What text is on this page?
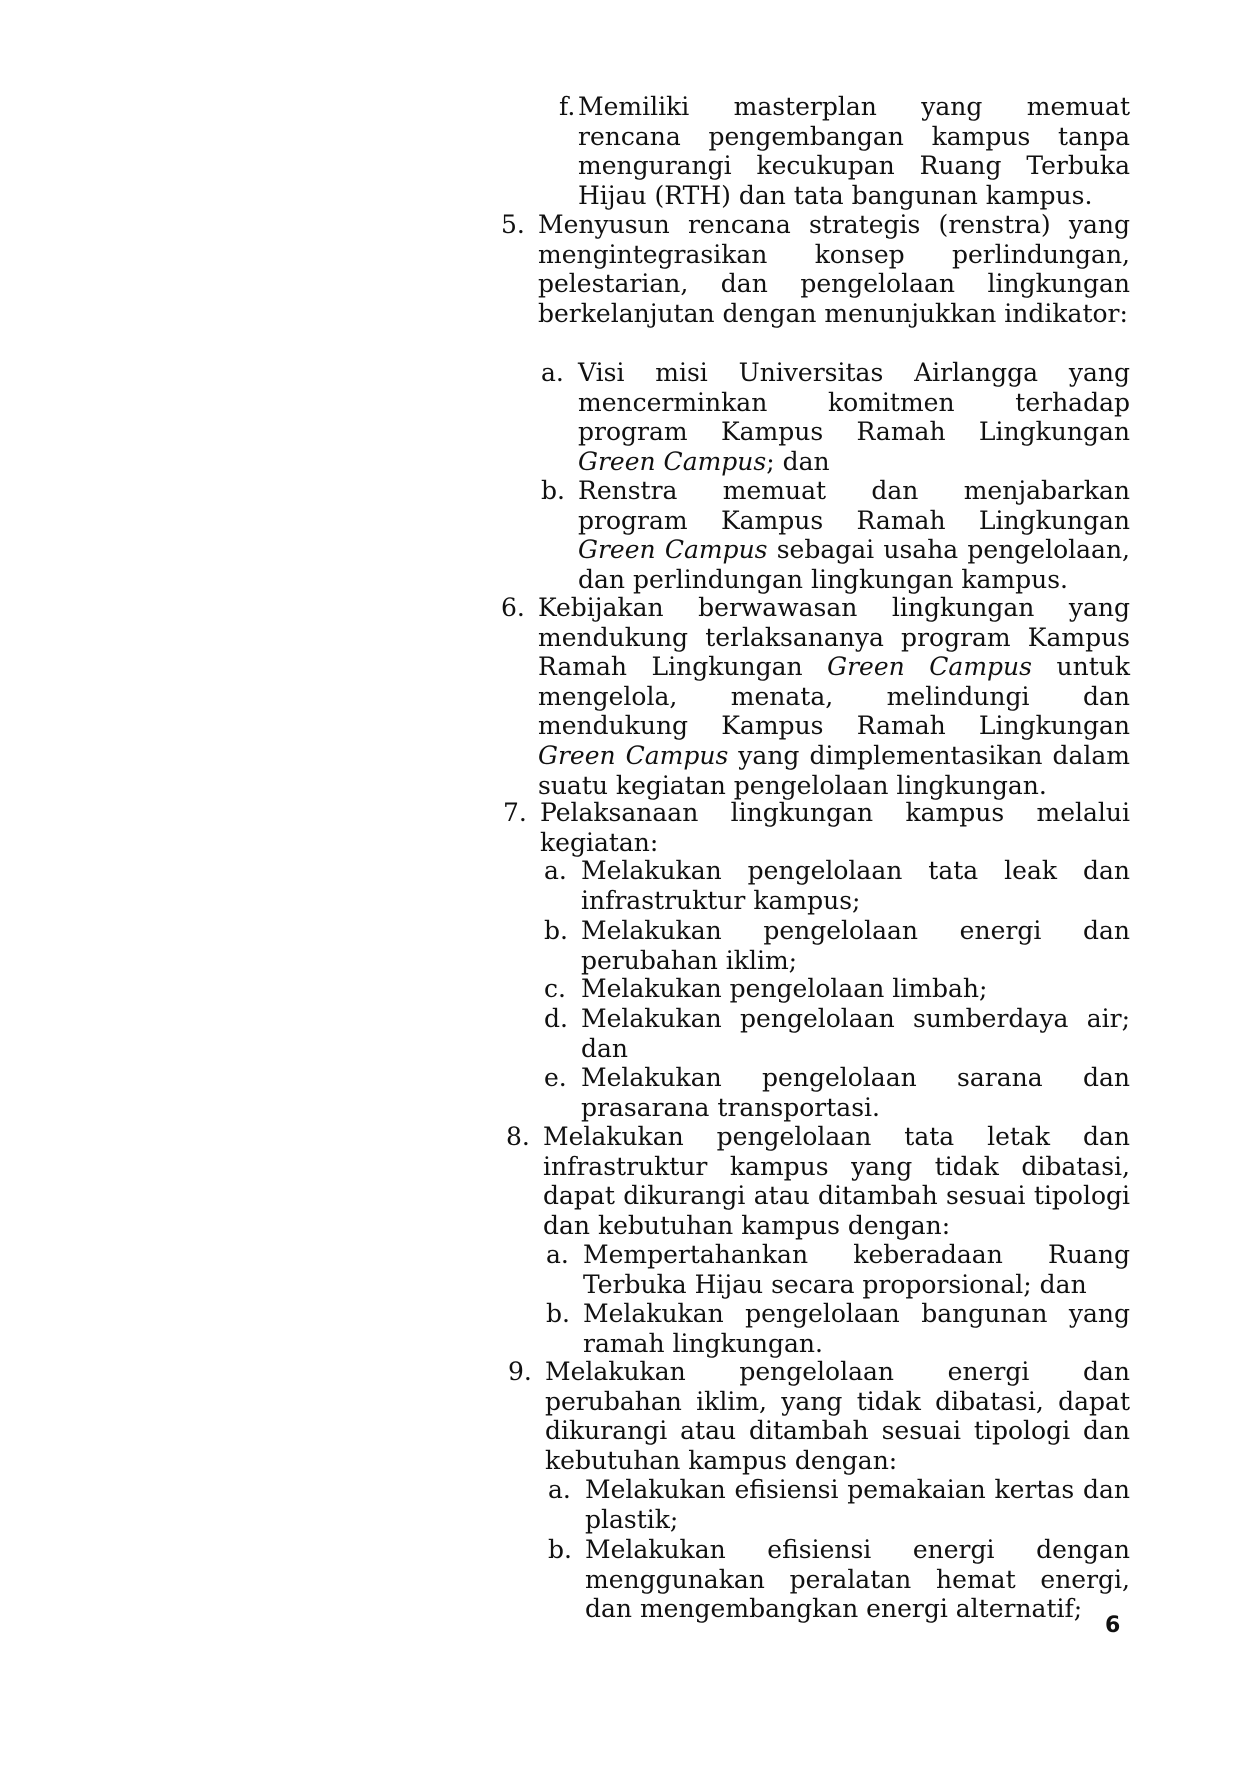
f. Memiliki masterplan yang memuat rencana pengembangan kampus tanpa mengurangi kecukupan Ruang Terbuka Hijau (RTH) dan tata bangunan kampus.
5. Menyusun rencana strategis (renstra) yang mengintegrasikan konsep perlindungan, pelestarian, dan pengelolaan lingkungan berkelanjutan dengan menunjukkan indikator:
a. Visi misi Universitas Airlangga yang mencerminkan komitmen terhadap program Kampus Ramah Lingkungan Green Campus; dan
b. Renstra memuat dan menjabarkan program Kampus Ramah Lingkungan Green Campus sebagai usaha pengelolaan, dan perlindungan lingkungan kampus.
6. Kebijakan berwawasan lingkungan yang mendukung terlaksananya program Kampus Ramah Lingkungan Green Campus untuk mengelola, menata, melindungi dan mendukung Kampus Ramah Lingkungan Green Campus yang dimplementasikan dalam suatu kegiatan pengelolaan lingkungan.
7. Pelaksanaan lingkungan kampus melalui kegiatan:
a. Melakukan pengelolaan tata leak dan infrastruktur kampus;
b. Melakukan pengelolaan energi dan perubahan iklim;
c. Melakukan pengelolaan limbah;
d. Melakukan pengelolaan sumberdaya air; dan
e. Melakukan pengelolaan sarana dan prasarana transportasi.
8. Melakukan pengelolaan tata letak dan infrastruktur kampus yang tidak dibatasi, dapat dikurangi atau ditambah sesuai tipologi dan kebutuhan kampus dengan:
a. Mempertahankan keberadaan Ruang Terbuka Hijau secara proporsional; dan
b. Melakukan pengelolaan bangunan yang ramah lingkungan.
9. Melakukan pengelolaan energi dan perubahan iklim, yang tidak dibatasi, dapat dikurangi atau ditambah sesuai tipologi dan kebutuhan kampus dengan:
a. Melakukan efisiensi pemakaian kertas dan plastik;
b. Melakukan efisiensi energi dengan menggunakan peralatan hemat energi, dan mengembangkan energi alternatif;
6
